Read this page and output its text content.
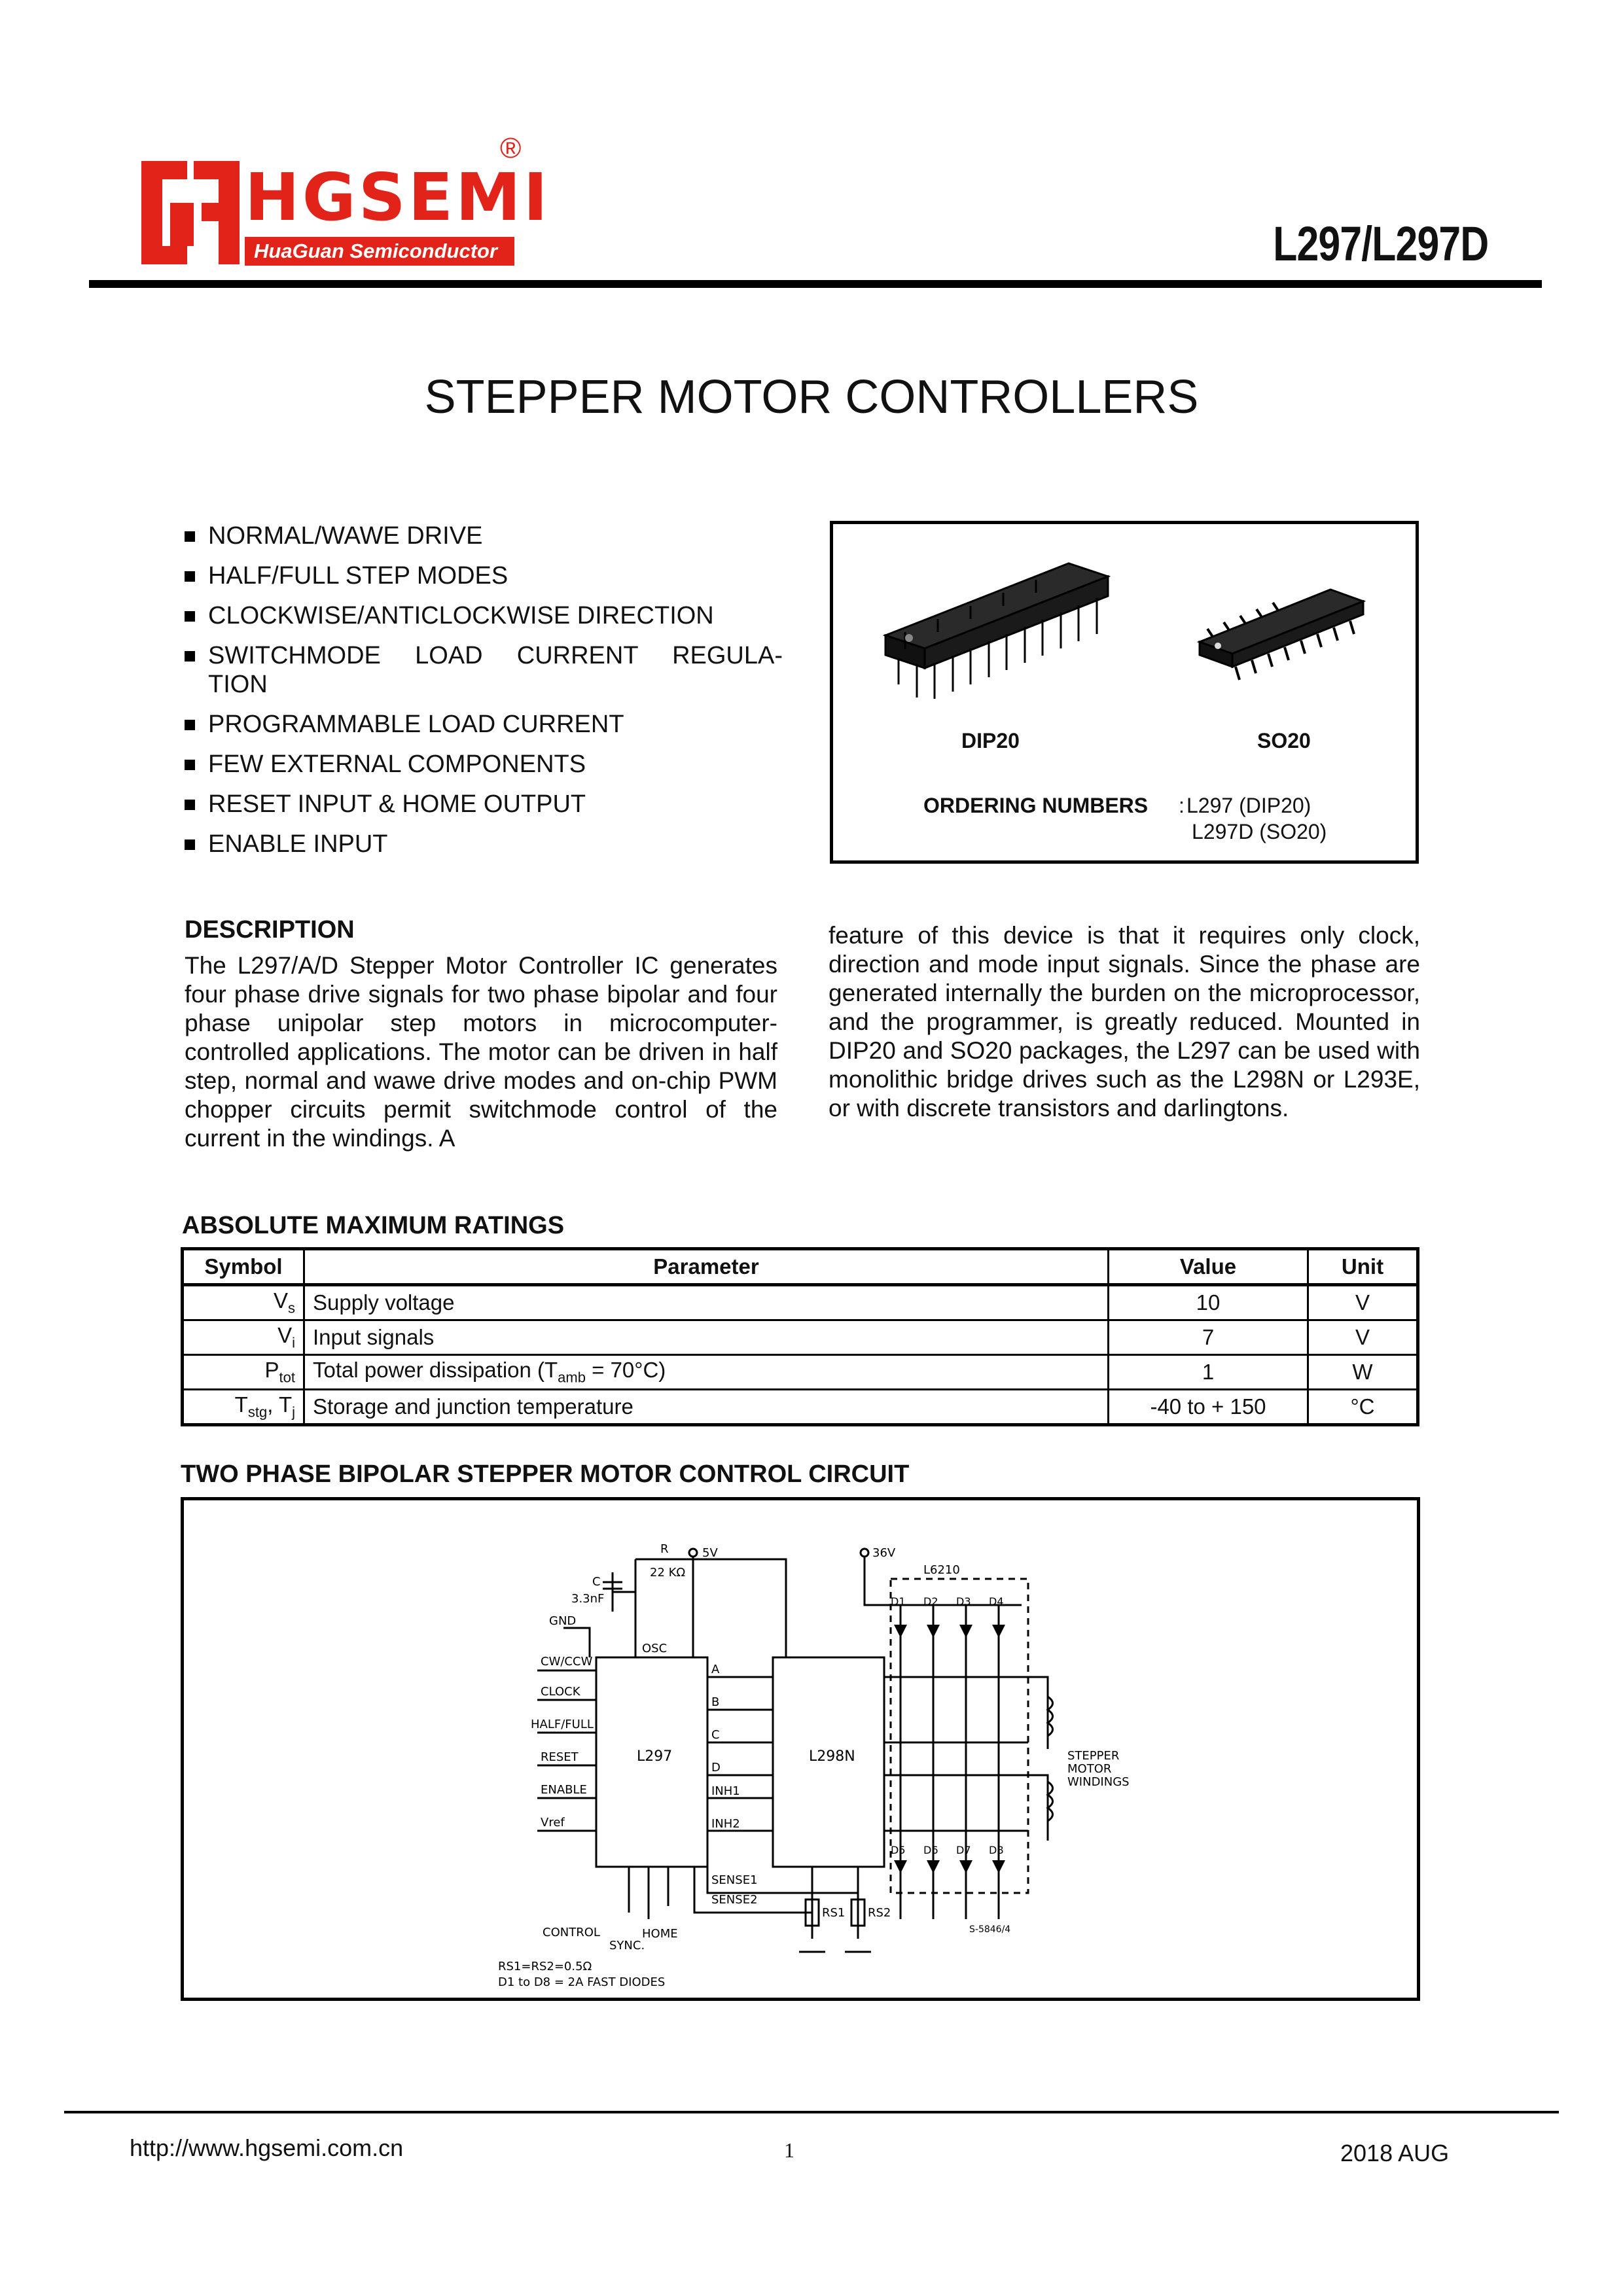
HGSEMI
®
HuaGuan Semiconductor	L297/L297D
STEPPER MOTOR CONTROLLERS
NORMAL/WAWE DRIVE
HALF/FULL STEP MODES
CLOCKWISE/ANTICLOCKWISE DIRECTION
SWITCHMODE LOAD CURRENT REGULA-
TION
PROGRAMMABLE LOAD CURRENT
FEW EXTERNAL COMPONENTS
RESET INPUT & HOME OUTPUT
ENABLE INPUT
DIP20	SO20
ORDERING NUMBERS : L297 (DIP20)
L297D (SO20)
DESCRIPTION
The L297/A/D Stepper Motor Controller IC generates four phase drive signals for two phase bipolar and four phase unipolar step motors in microcomputer-controlled applications. The motor can be driven in half step, normal and wawe drive modes and on-chip PWM chopper circuits permit switchmode control of the current in the windings. A
feature of this device is that it requires only clock, direction and mode input signals. Since the phase are generated internally the burden on the microprocessor, and the programmer, is greatly reduced. Mounted in DIP20 and SO20 packages, the L297 can be used with monolithic bridge drives such as the L298N or L293E, or with discrete transistors and darlingtons.
ABSOLUTE MAXIMUM RATINGS
Symbol	Parameter	Value	Unit
$V_s$	Supply voltage	10	V
$V_i$	Input signals	7	V
$P_{tot}$	Total power dissipation $(T_{amb} = 70^\circ C)$	1	W
$T_{stg}$, $T_j$	Storage and junction temperature	-40 to + 150	°C
TWO PHASE BIPOLAR STEPPER MOTOR CONTROL CIRCUIT
5V	36V
R
22 KΩ
C
3.3nF
GND
OSC
CW/CCW
CLOCK
HALF/FULL
RESET
ENABLE
Vref
L297	L298N
L6210
A
B
C
D
INH1
INH2
SENSE1
SENSE2
CONTROL
SYNC.
HOME
RS1 RS2
STEPPER
MOTOR
WINDINGS
S-5846/4
RS1=RS2=0.5Ω
D1 to D8 = 2A FAST DIODES
D1 D2 D3 D4
D5 D6 D7 D8
http://www.hgsemi.com.cn	1	2018 AUG
